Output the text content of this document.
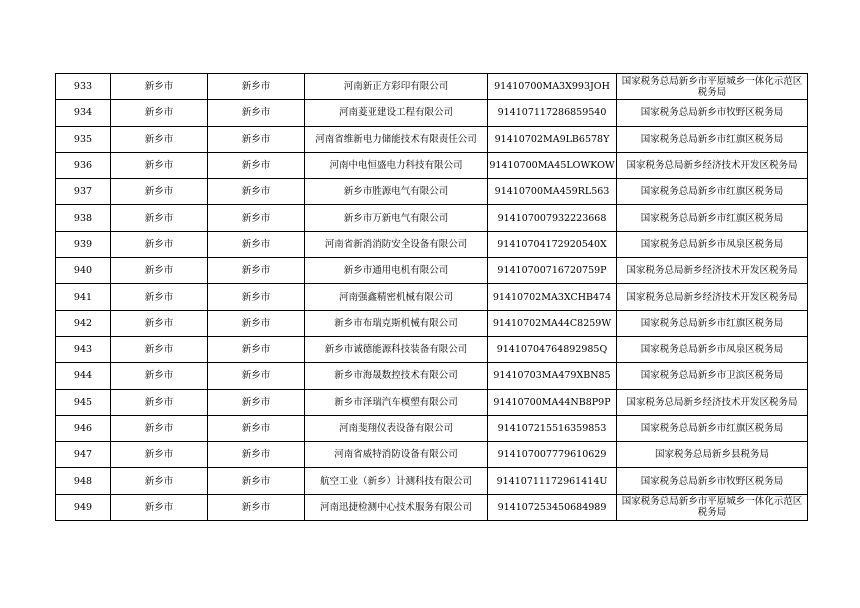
933	新乡市	新乡市	河南新正方彩印有限公司	91410700MA3X993JOH	国家税务总局新乡市平原城乡一体化示范区税务局
934	新乡市	新乡市	河南菱亚建设工程有限公司	914107117286859540	国家税务总局新乡市牧野区税务局
935	新乡市	新乡市	河南省维新电力储能技术有限责任公司	91410702MA9LB6578Y	国家税务总局新乡市红旗区税务局
936	新乡市	新乡市	河南中电恒盛电力科技有限公司	91410700MA45LOWKOW	国家税务总局新乡经济技术开发区税务局
937	新乡市	新乡市	新乡市胜源电气有限公司	91410700MA459RL563	国家税务总局新乡市红旗区税务局
938	新乡市	新乡市	新乡市万新电气有限公司	914107007932223668	国家税务总局新乡市红旗区税务局
939	新乡市	新乡市	河南省新消消防安全设备有限公司	91410704172920540X	国家税务总局新乡市凤泉区税务局
940	新乡市	新乡市	新乡市通用电机有限公司	91410700716720759P	国家税务总局新乡经济技术开发区税务局
941	新乡市	新乡市	河南强鑫精密机械有限公司	91410702MA3XCHB474	国家税务总局新乡经济技术开发区税务局
942	新乡市	新乡市	新乡市布瑞克斯机械有限公司	91410702MA44C8259W	国家税务总局新乡市红旗区税务局
943	新乡市	新乡市	新乡市诚德能源科技装备有限公司	91410704764892985Q	国家税务总局新乡市凤泉区税务局
944	新乡市	新乡市	新乡市海晟数控技术有限公司	91410703MA479XBN85	国家税务总局新乡市卫滨区税务局
945	新乡市	新乡市	新乡市泽瑞汽车模塑有限公司	91410700MA44NB8P9P	国家税务总局新乡经济技术开发区税务局
946	新乡市	新乡市	河南斐翔仪表设备有限公司	914107215516359853	国家税务总局新乡市红旗区税务局
947	新乡市	新乡市	河南省威特消防设备有限公司	914107007779610629	国家税务总局新乡县税务局
948	新乡市	新乡市	航空工业（新乡）计测科技有限公司	91410711172961414U	国家税务总局新乡市牧野区税务局
949	新乡市	新乡市	河南迅捷检测中心技术服务有限公司	914107253450684989	国家税务总局新乡市平原城乡一体化示范区税务局
